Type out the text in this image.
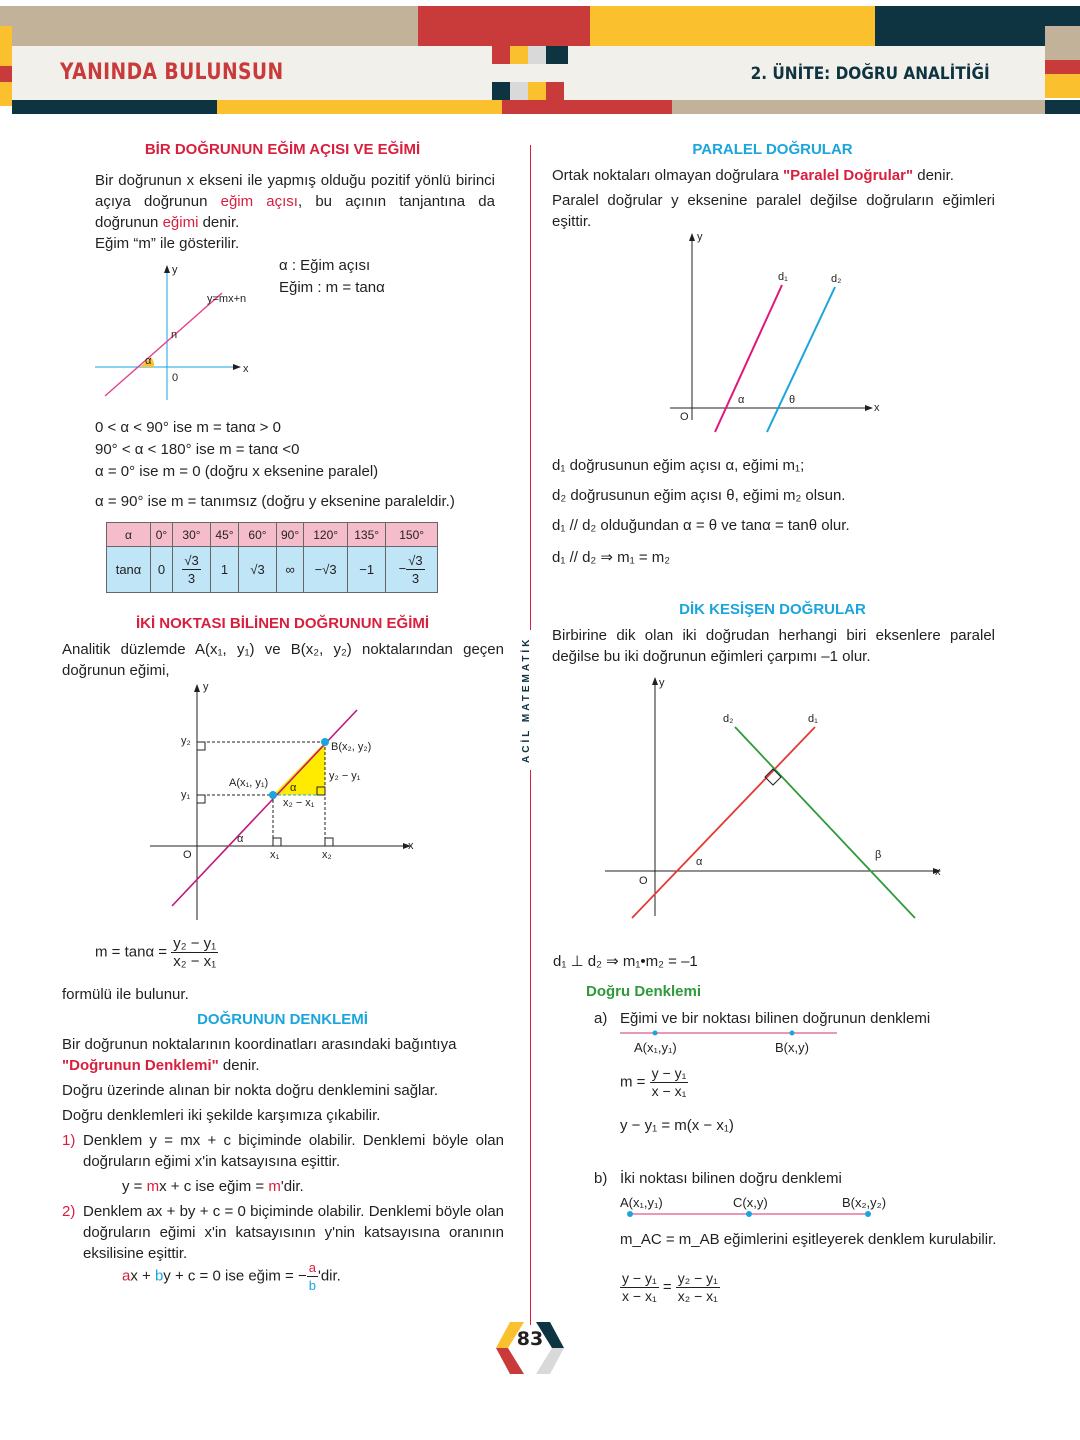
YANINDA BULUNSUN	2. ÜNİTE: DOĞRU ANALİTİĞİ
ACİL MATEMATİK
BİR DOĞRUNUN EĞİM AÇISI VE EĞİMİ
Bir doğrunun x ekseni ile yapmış olduğu pozitif yönlü birinci açıya doğrunun eğim açısı, bu açının tanjantına da doğrunun eğimi denir.
Eğim “m” ile gösterilir.
α : Eğim açısı
Eğim : m = tanα
0 < α < 90° ise m = tanα > 0
90° < α < 180° ise m = tanα <0
α = 0° ise m = 0 (doğru x eksenine paralel)
α = 90° ise m = tanımsız (doğru y eksenine paraleldir.)
α	0°	30°	45°	60°	90°	120°	135°	150°
tanα	0	$\frac{√3}{3}$	1	√3	∞	−√3	−1	− $\frac{√3}{3}$
İKİ NOKTASI BİLİNEN DOĞRUNUN EĞİMİ
Analitik düzlemde A(x₁, y₁) ve B(x₂, y₂) noktalarından geçen doğrunun eğimi,
$m = \tan\alpha = \frac{\text{y₂ − y₁}}{\text{x₂ − x₁}}$
formülü ile bulunur.
DOĞRUNUN DENKLEMİ
Bir doğrunun noktalarının koordinatları arasındaki bağıntıya
"Doğrunun Denklemi" denir.
Doğru üzerinde alınan bir nokta doğru denklemini sağlar.
Doğru denklemleri iki şekilde karşımıza çıkabilir.
1) Denklem y = mx + c biçiminde olabilir. Denklemi böyle olan doğruların eğimi x'in katsayısına eşittir.
y = mx + c ise eğim = m'dir.
2) Denklem ax + by + c = 0 biçiminde olabilir. Denklemi böyle olan doğruların eğimi x'in katsayısının y'nin katsayısına oranının eksilisine eşittir.
ax + by + c = 0 ise eğim = − $\frac{a}{b}$ 'dir.
PARALEL DOĞRULAR
Ortak noktaları olmayan doğrulara "Paralel Doğrular" denir.
Paralel doğrular y eksenine paralel değilse doğruların eğimleri eşittir.
d₁ doğrusunun eğim açısı α, eğimi m₁;
d₂ doğrusunun eğim açısı θ, eğimi m₂ olsun.
d₁ // d₂ olduğundan α = θ ve tanα = tanθ olur.
d₁ // d₂ ⇒ m₁ = m₂
DİK KESİŞEN DOĞRULAR
Birbirine dik olan iki doğrudan herhangi biri eksenlere paralel değilse bu iki doğrunun eğimleri çarpımı –1 olur.
d₁ ⊥ d₂ ⇒ m₁•m₂ = –1
Doğru Denklemi
a) Eğimi ve bir noktası bilinen doğrunun denklemi
$m = \frac{\text{y − y₁}}{\text{x − x₁}}$
y − y₁ = m(x − x₁)
b) İki noktası bilinen doğru denklemi
m_AC = m_AB eğimlerini eşitleyerek denklem kurulabilir.
$\frac{\text{y − y₁}}{\text{x − x₁}} = \frac{\text{y₂ − y₁}}{\text{x₂ − x₁}}$
83
y
y=mx+n
n
0
x
α
y
x
O
y₂
y₁
x₁	x₂
A(x₁, y₁)
B(x₂, y₂)
y₂ − y₁
x₂ − x₁
α
α
y
x
O
d₁	d₂
α	θ
y
x
O
d₁
d₂
α
β
A(x₁,y₁)	B(x,y)
A(x₁,y₁)	C(x,y)	B(x₂,y₂)
